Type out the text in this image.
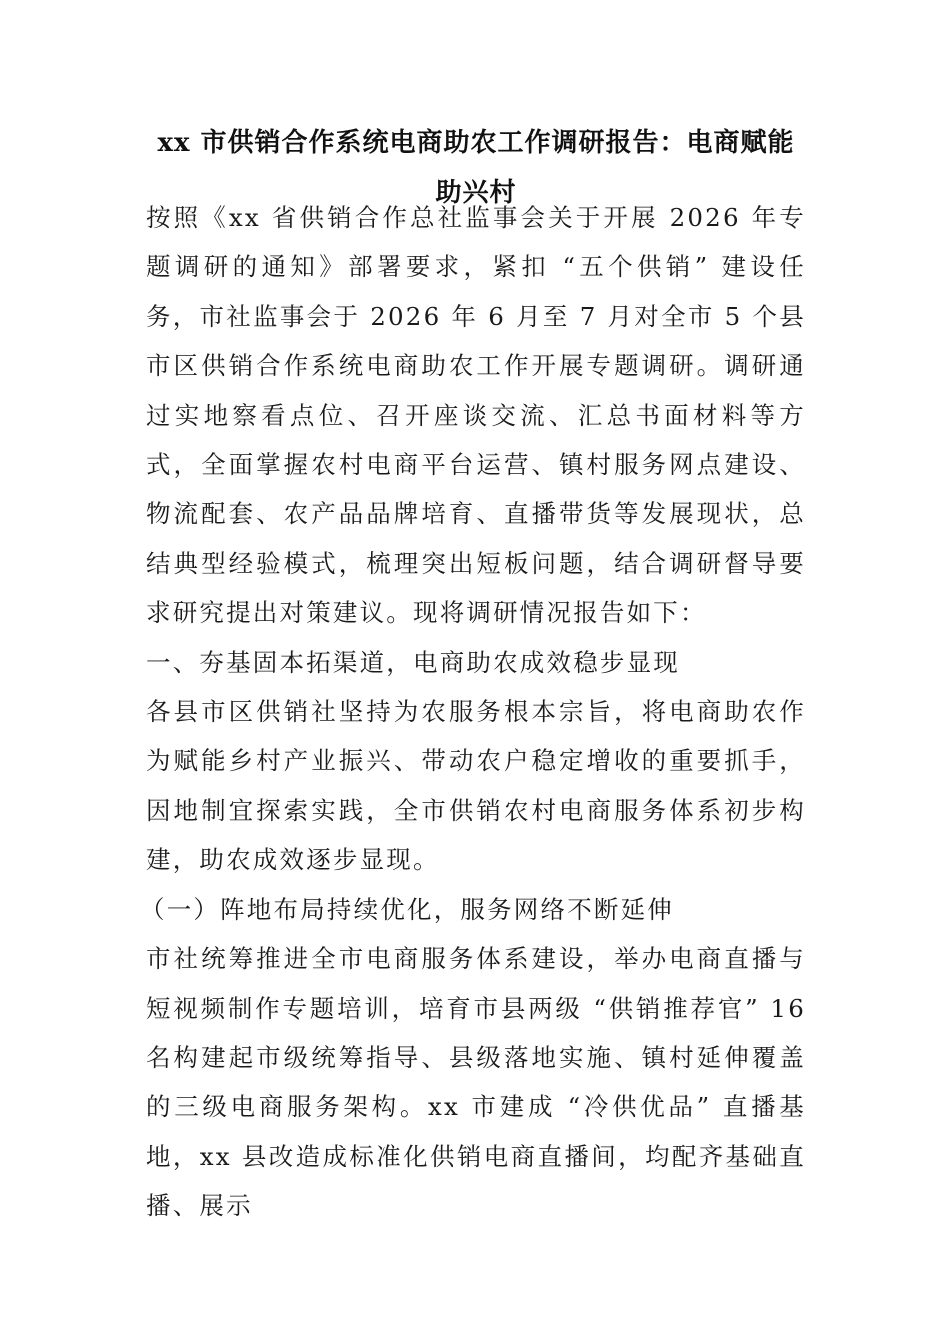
xx 市供销合作系统电商助农工作调研报告：电商赋能助兴村

按照《xx 省供销合作总社监事会关于开展 2026 年专题调研的通知》部署要求，紧扣 “五个供销” 建设任务，市社监事会于 2026 年 6 月至 7 月对全市 5 个县市区供销合作系统电商助农工作开展专题调研。调研通过实地察看点位、召开座谈交流、汇总书面材料等方式，全面掌握农村电商平台运营、镇村服务网点建设、物流配套、农产品品牌培育、直播带货等发展现状，总结典型经验模式，梳理突出短板问题，结合调研督导要求研究提出对策建议。现将调研情况报告如下：

一、夯基固本拓渠道，电商助农成效稳步显现

各县市区供销社坚持为农服务根本宗旨，将电商助农作为赋能乡村产业振兴、带动农户稳定增收的重要抓手，因地制宜探索实践，全市供销农村电商服务体系初步构建，助农成效逐步显现。

（一）阵地布局持续优化，服务网络不断延伸

市社统筹推进全市电商服务体系建设，举办电商直播与短视频制作专题培训，培育市县两级 “供销推荐官” 16 名构建起市级统筹指导、县级落地实施、镇村延伸覆盖的三级电商服务架构。xx 市建成 “冷供优品” 直播基地，xx 县改造成标准化供销电商直播间，均配齐基础直播、展示
